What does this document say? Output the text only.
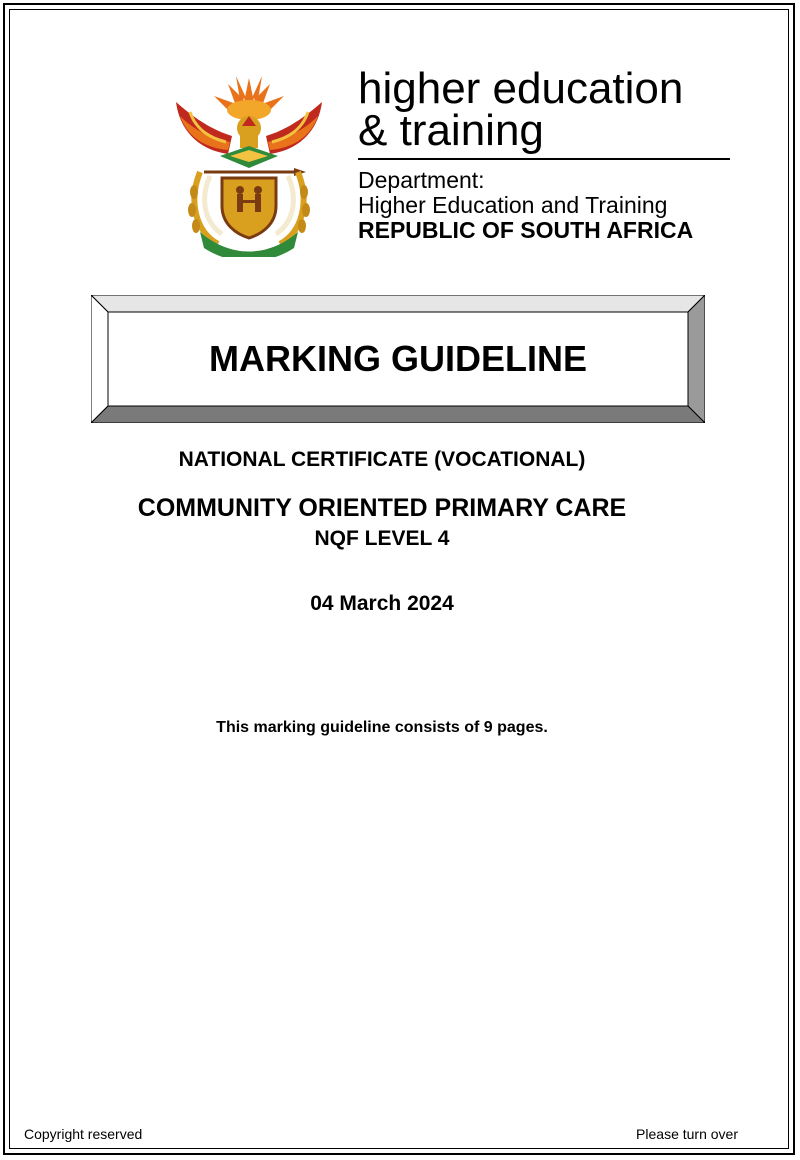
higher education
& training
Department:
Higher Education and Training
REPUBLIC OF SOUTH AFRICA
MARKING GUIDELINE
NATIONAL CERTIFICATE (VOCATIONAL)
COMMUNITY ORIENTED PRIMARY CARE
NQF LEVEL 4
04 March 2024
This marking guideline consists of 9 pages.
Copyright reserved	Please turn over
